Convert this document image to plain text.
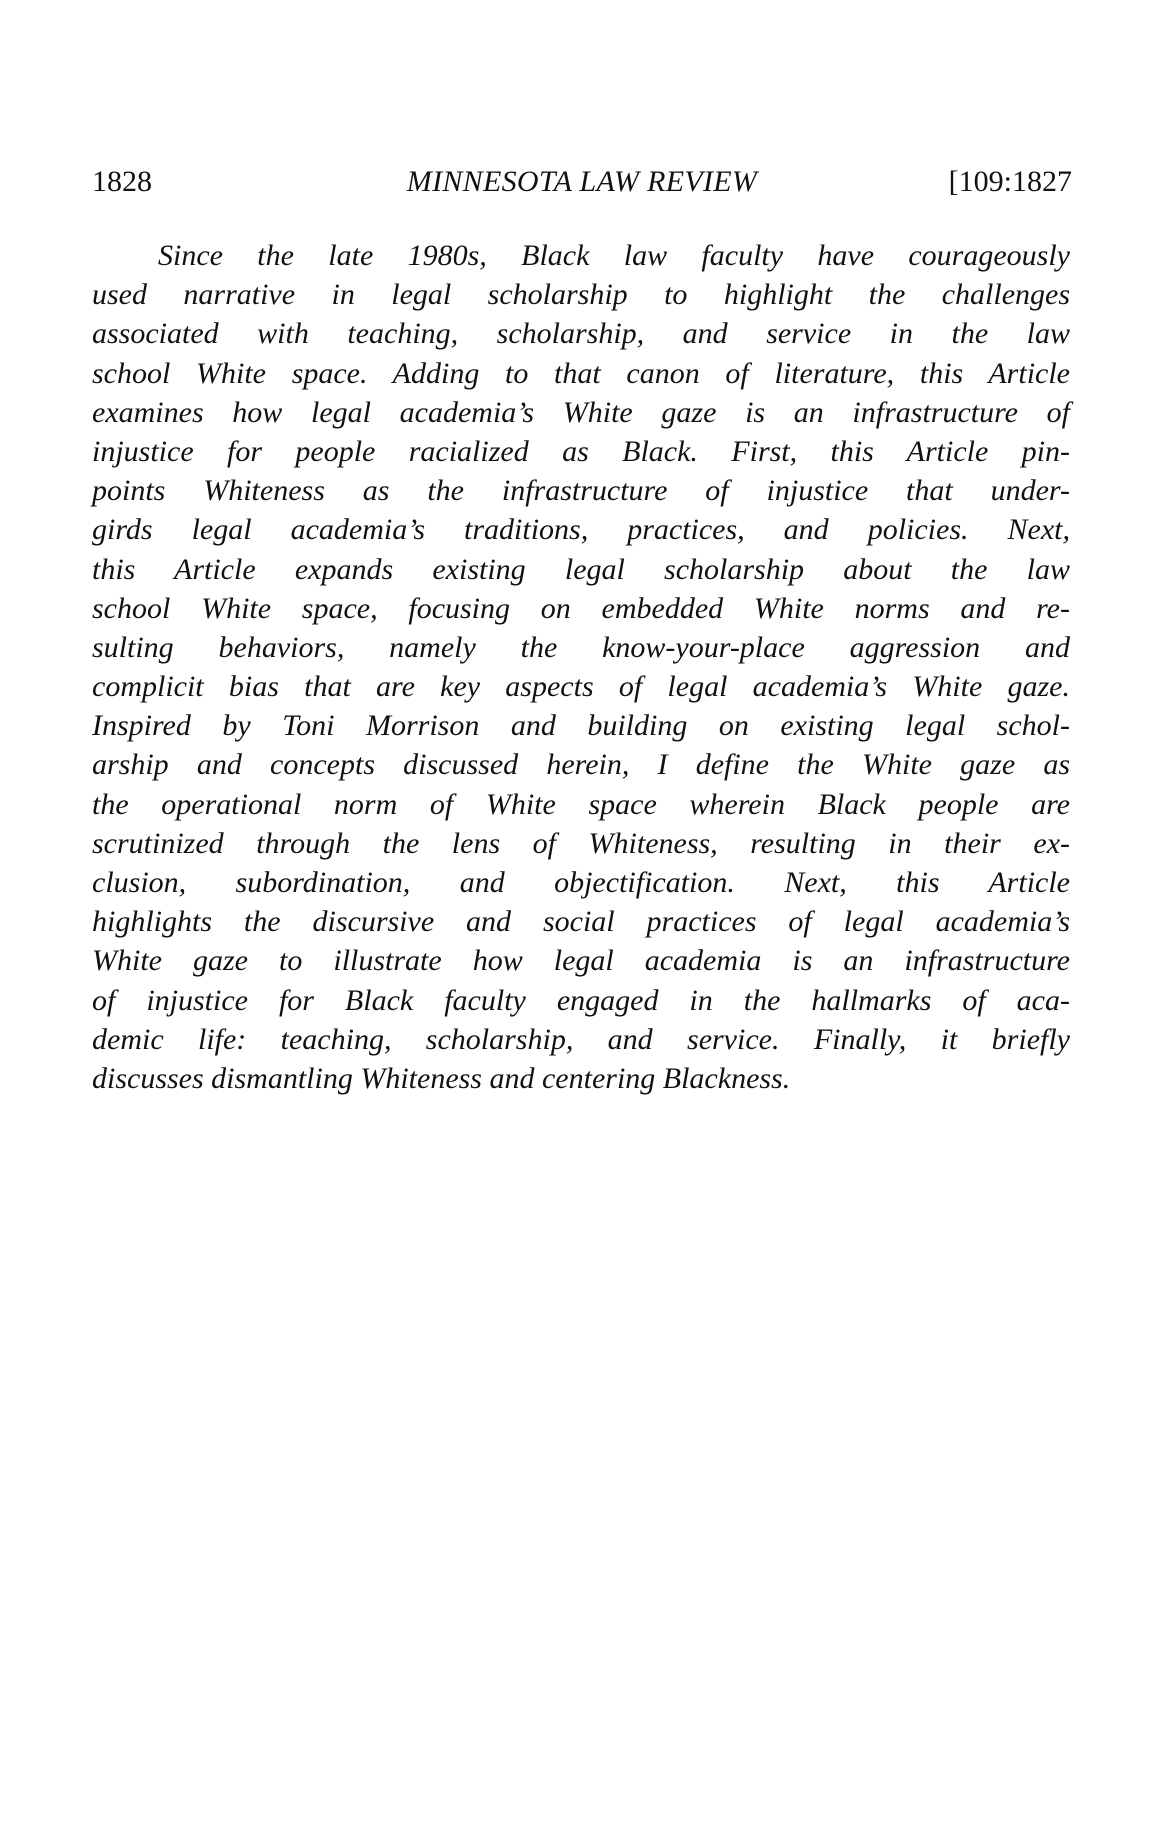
1828	MINNESOTA LAW REVIEW	[109:1827
Since the late 1980s, Black law faculty have courageously
used narrative in legal scholarship to highlight the challenges
associated with teaching, scholarship, and service in the law
school White space. Adding to that canon of literature, this Article
examines how legal academia’s White gaze is an infrastructure of
injustice for people racialized as Black. First, this Article pin-
points Whiteness as the infrastructure of injustice that under-
girds legal academia’s traditions, practices, and policies. Next,
this Article expands existing legal scholarship about the law
school White space, focusing on embedded White norms and re-
sulting behaviors, namely the know-your-place aggression and
complicit bias that are key aspects of legal academia’s White gaze.
Inspired by Toni Morrison and building on existing legal schol-
arship and concepts discussed herein, I define the White gaze as
the operational norm of White space wherein Black people are
scrutinized through the lens of Whiteness, resulting in their ex-
clusion, subordination, and objectification. Next, this Article
highlights the discursive and social practices of legal academia’s
White gaze to illustrate how legal academia is an infrastructure
of injustice for Black faculty engaged in the hallmarks of aca-
demic life: teaching, scholarship, and service. Finally, it briefly
discusses dismantling Whiteness and centering Blackness.
